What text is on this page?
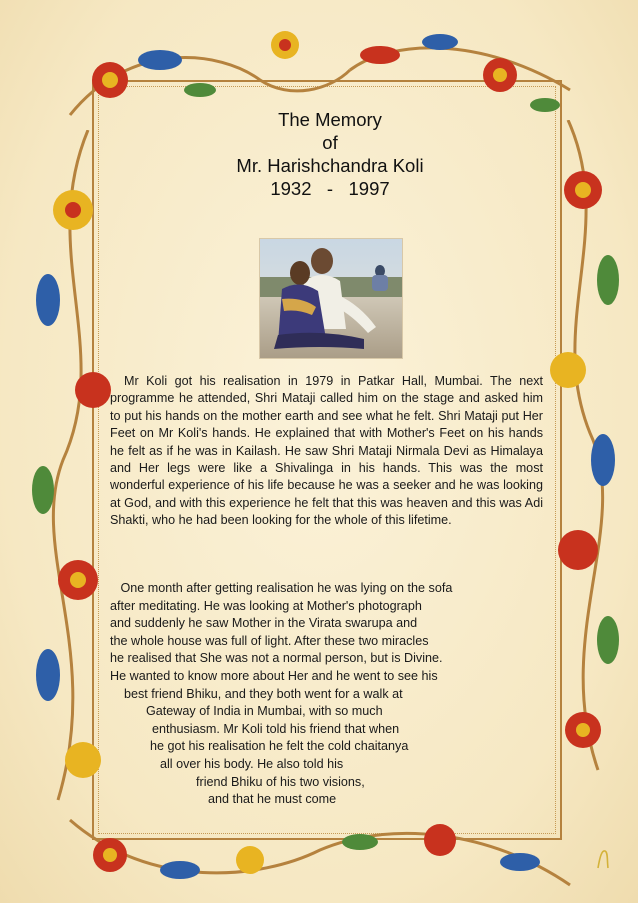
The Memory
of
Mr. Harishchandra Koli
1932   -   1997
Mr Koli got his realisation in 1979 in Patkar Hall, Mumbai. The next programme he attended, Shri Mataji called him on the stage and asked him to put his hands on the mother earth and see what he felt. Shri Mataji put Her Feet on Mr Koli's hands. He explained that with Mother's Feet on his hands he felt as if he was in Kailash. He saw Shri Mataji Nirmala Devi as Himalaya and Her legs were like a Shivalinga in his hands. This was the most wonderful experience of his life because he was a seeker and he was looking at God, and with this experience he felt that this was heaven and this was Adi Shakti, who he had been looking for the whole of this lifetime.
One month after getting realisation he was lying on the sofa
after meditating. He was looking at Mother's photograph
and suddenly he saw Mother in the Virata swarupa and
the whole house was full of light. After these two miracles
he realised that She was not a normal person, but is Divine.
He wanted to know more about Her and he went to see his
best friend Bhiku, and they both went for a walk at
Gateway of India in Mumbai, with so much
enthusiasm. Mr Koli told his friend that when
he got his realisation he felt the cold chaitanya
all over his body. He also told his
friend Bhiku of his two visions,
and that he must come
